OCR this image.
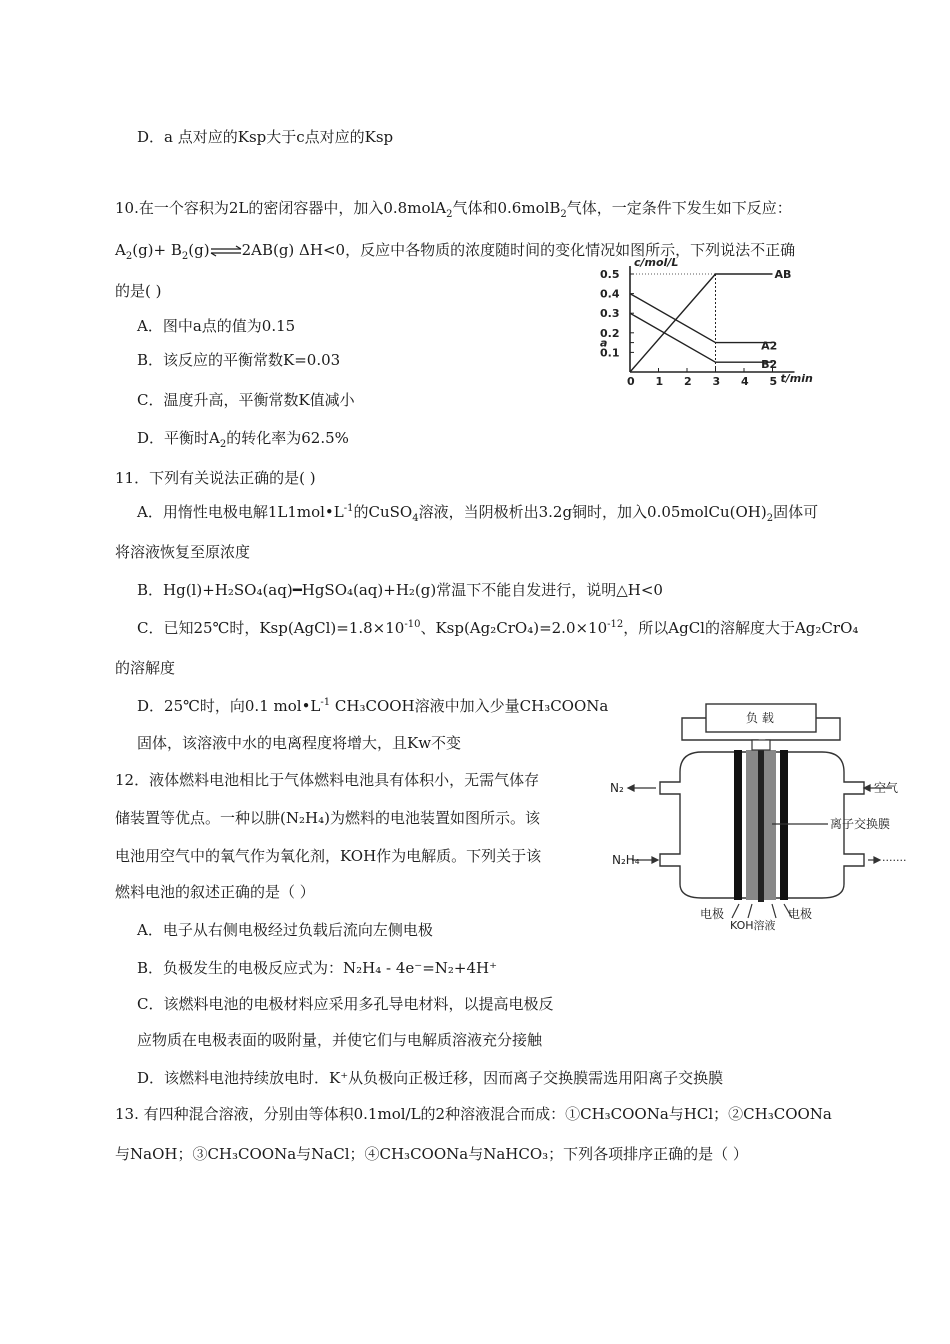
D．a 点对应的Ksp大于c点对应的Ksp
10.在一个容积为2L的密闭容器中，加入0.8molA$_2$气体和0.6molB$_2$气体，一定条件下发生如下反应：
$A_2(g)+$ $B_2(g)\rightleftharpoons 2AB(g)$ ΔH<0，反应中各物质的浓度随时间的变化情况如图所示，下列说法不正确
的是( )
A．图中a点的值为0.15
B．该反应的平衡常数K=0.03
C．温度升高，平衡常数K值减小
D．平衡时$A_2$的转化率为62.5%
c/mol/L
t/min
0 1 2 3 4 5
0.1
a
0.2
0.3
0.4
0.5	AB
A2
B2
11．下列有关说法正确的是( )
A．用惰性电极电解$1L1mol•L^{-1}$的CuSO$_4$溶液，当阴极析出3.2g铜时，加入$0.05molCu(OH)_2$固体可
将溶液恢复至原浓度
B．Hg(l)+H₂SO₄(aq)━HgSO₄(aq)+H₂(g)常温下不能自发进行，说明△H<0
C．已知25℃时，$Ksp(AgCl)=1.8\times 10^{-10}$、$Ksp(Ag_2CrO_4)=2.0\times 10^{-12}$，所以AgCl的溶解度大于Ag₂CrO₄
的溶解度
D．25℃时，向0.1 $mol•L^{-1}$ CH₃COOH溶液中加入少量CH₃COONa
固体，该溶液中水的电离程度将增大，且Kw不变
12．液体燃料电池相比于气体燃料电池具有体积小，无需气体存
储装置等优点。一种以肼(N₂H₄)为燃料的电池装置如图所示。该
电池用空气中的氧气作为氧化剂，KOH作为电解质。下列关于该
燃料电池的叙述正确的是（ ）
A．电子从右侧电极经过负载后流向左侧电极
B．负极发生的电极反应式为：N₂H₄ - 4e⁻=N₂+4H⁺
C．该燃料电池的电极材料应采用多孔导电材料，以提高电极反
应物质在电极表面的吸附量，并使它们与电解质溶液充分接触
D．该燃料电池持续放电时．K⁺从负极向正极迁移，因而离子交换膜需选用阳离子交换膜
负 载
N₂
N₂H₄
空气
·······
离子交换膜
电极	电极
KOH溶液
13. 有四种混合溶液，分别由等体积0.1mol/L的2种溶液混合而成：①CH₃COONa与HCl；②CH₃COONa
与NaOH；③CH₃COONa与NaCl；④CH₃COONa与NaHCO₃；下列各项排序正确的是（ ）
